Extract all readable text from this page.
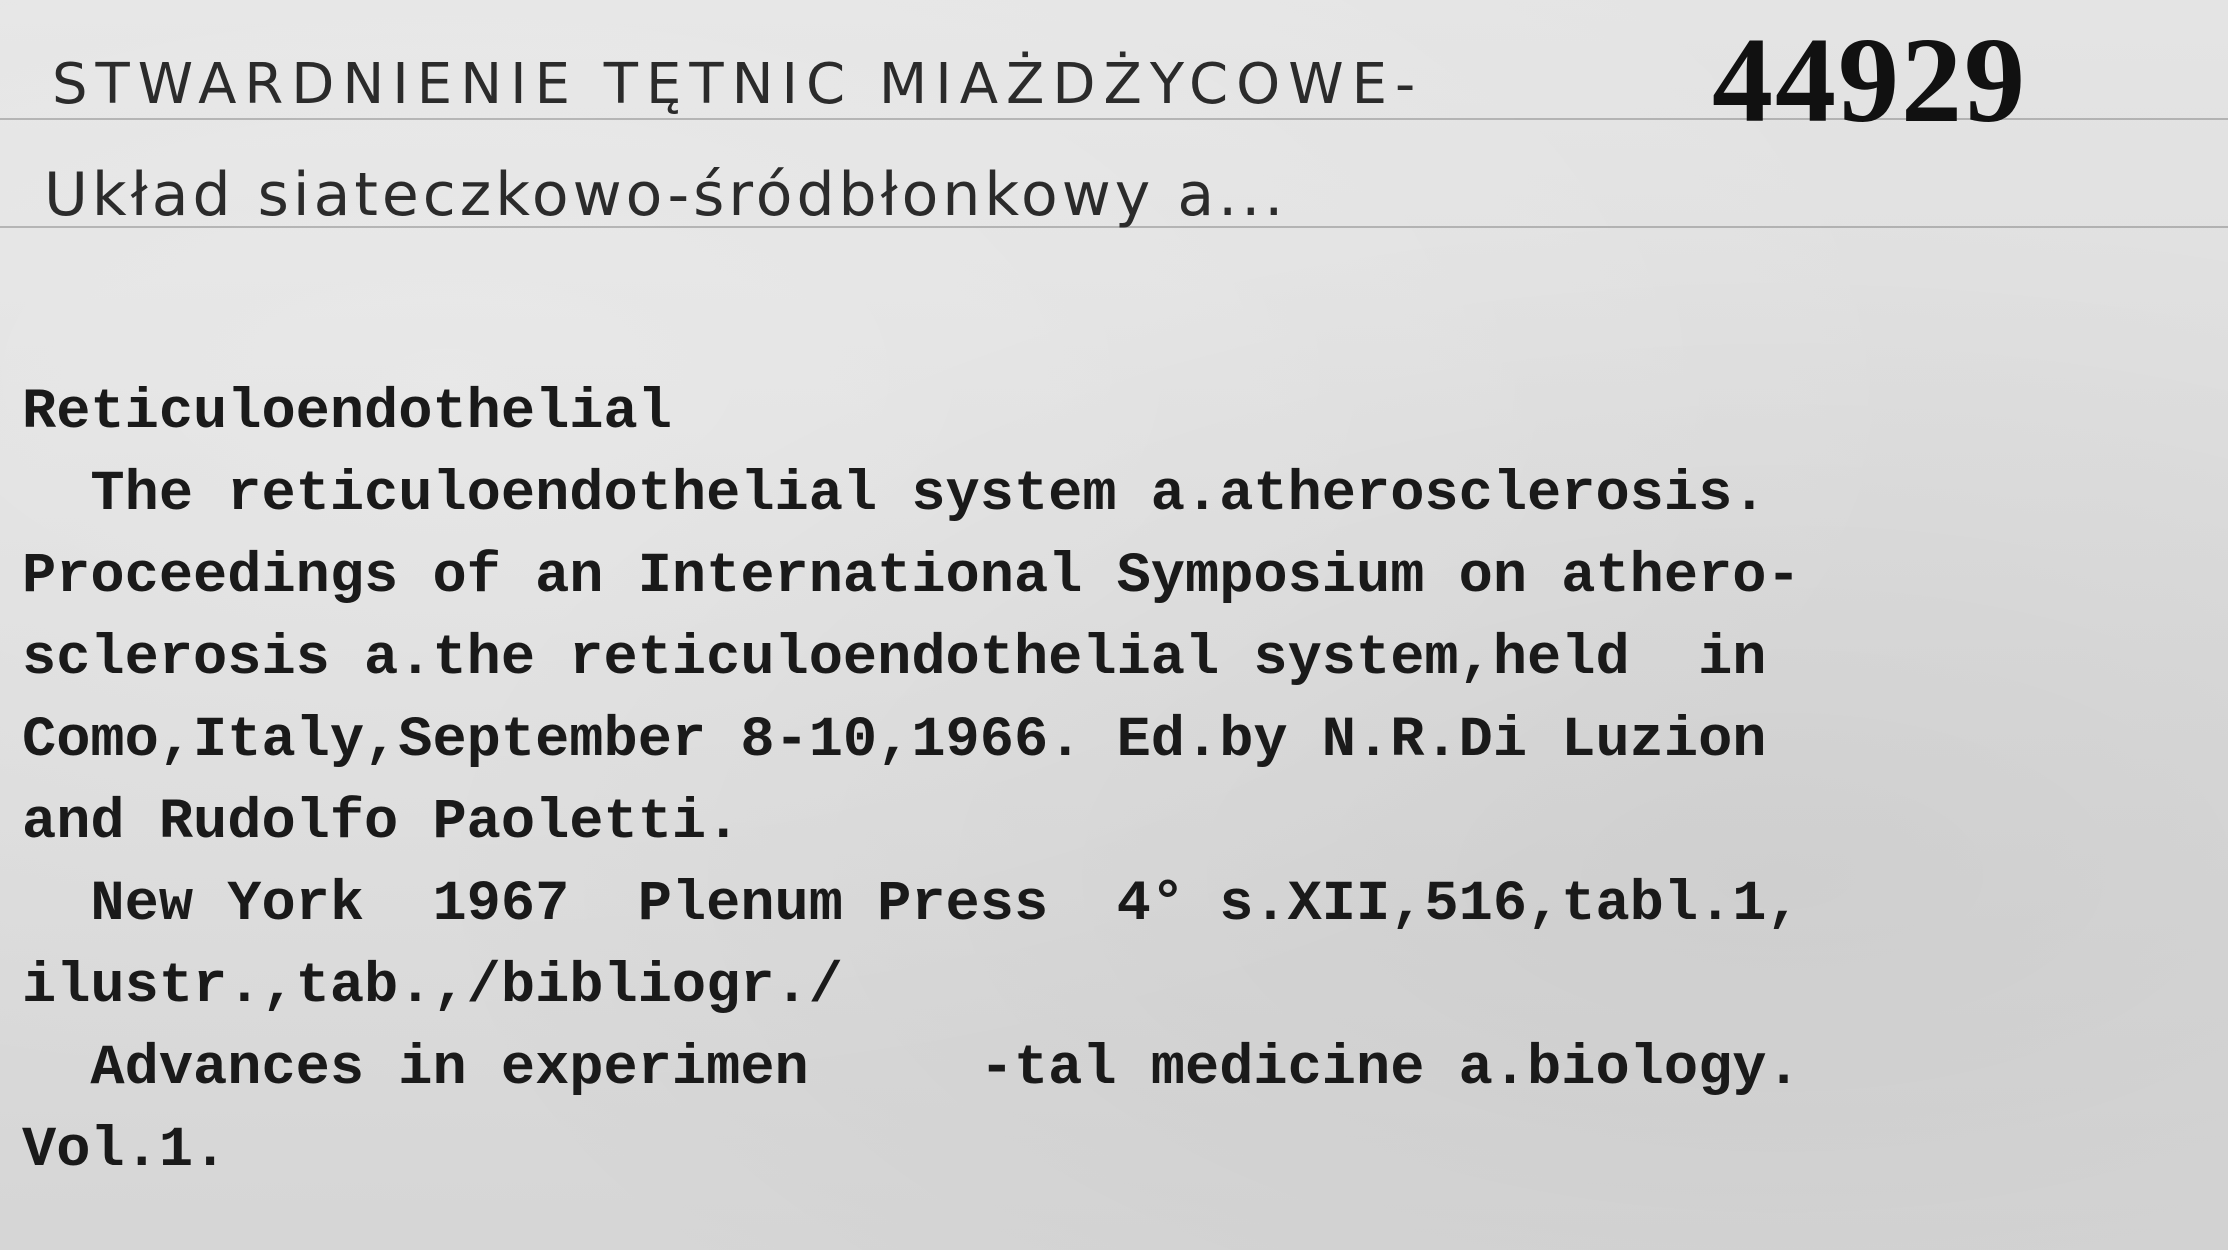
STWARDNIENIE TĘTNIC MIAŻDŻYCOWE- 44929
Układ siateczkowo-śródbłonkowy a...
Reticuloendothelial
The reticuloendothelial system a.atherosclerosis.
Proceedings of an International Symposium on athero-
sclerosis a.the reticuloendothelial system,held  in
Como,Italy,September 8-10,1966. Ed.by N.R.Di Luzion
and Rudolfo Paoletti.
New York  1967  Plenum Press  4° s.XII,516,tabl.1,
ilustr.,tab.,/bibliogr./
Advances in experimen     -tal medicine a.biology.
Vol.1.
